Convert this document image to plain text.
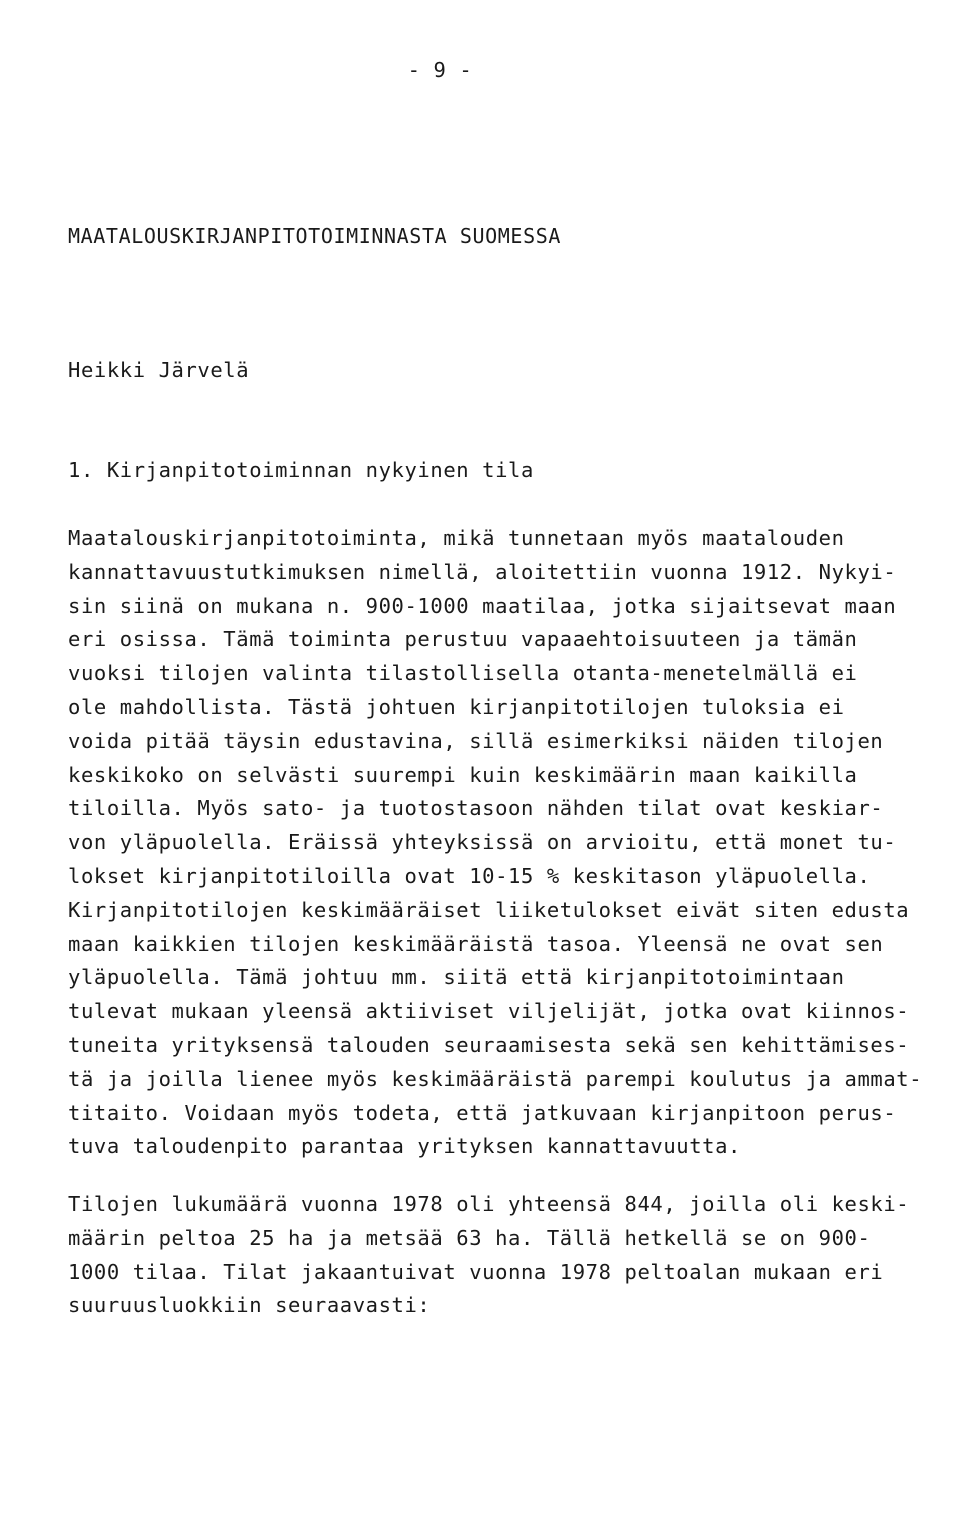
- 9 -
MAATALOUSKIRJANPITOTOIMINNASTA SUOMESSA
Heikki Järvelä
1. Kirjanpitotoiminnan nykyinen tila
Maatalouskirjanpitotoiminta, mikä tunnetaan myös maatalouden
kannattavuustutkimuksen nimellä, aloitettiin vuonna 1912. Nykyi-
sin siinä on mukana n. 900-1000 maatilaa, jotka sijaitsevat maan
eri osissa. Tämä toiminta perustuu vapaaehtoisuuteen ja tämän
vuoksi tilojen valinta tilastollisella otanta-menetelmällä ei
ole mahdollista. Tästä johtuen kirjanpitotilojen tuloksia ei
voida pitää täysin edustavina, sillä esimerkiksi näiden tilojen
keskikoko on selvästi suurempi kuin keskimäärin maan kaikilla
tiloilla. Myös sato- ja tuotostasoon nähden tilat ovat keskiar-
von yläpuolella. Eräissä yhteyksissä on arvioitu, että monet tu-
lokset kirjanpitotiloilla ovat 10-15 % keskitason yläpuolella.
Kirjanpitotilojen keskimääräiset liiketulokset eivät siten edusta
maan kaikkien tilojen keskimääräistä tasoa. Yleensä ne ovat sen
yläpuolella. Tämä johtuu mm. siitä että kirjanpitotoimintaan
tulevat mukaan yleensä aktiiviset viljelijät, jotka ovat kiinnos-
tuneita yrityksensä talouden seuraamisesta sekä sen kehittämises-
tä ja joilla lienee myös keskimääräistä parempi koulutus ja ammat-
titaito. Voidaan myös todeta, että jatkuvaan kirjanpitoon perus-
tuva taloudenpito parantaa yrityksen kannattavuutta.
Tilojen lukumäärä vuonna 1978 oli yhteensä 844, joilla oli keski-
määrin peltoa 25 ha ja metsää 63 ha. Tällä hetkellä se on 900-
1000 tilaa. Tilat jakaantuivat vuonna 1978 peltoalan mukaan eri
suuruusluokkiin seuraavasti:
